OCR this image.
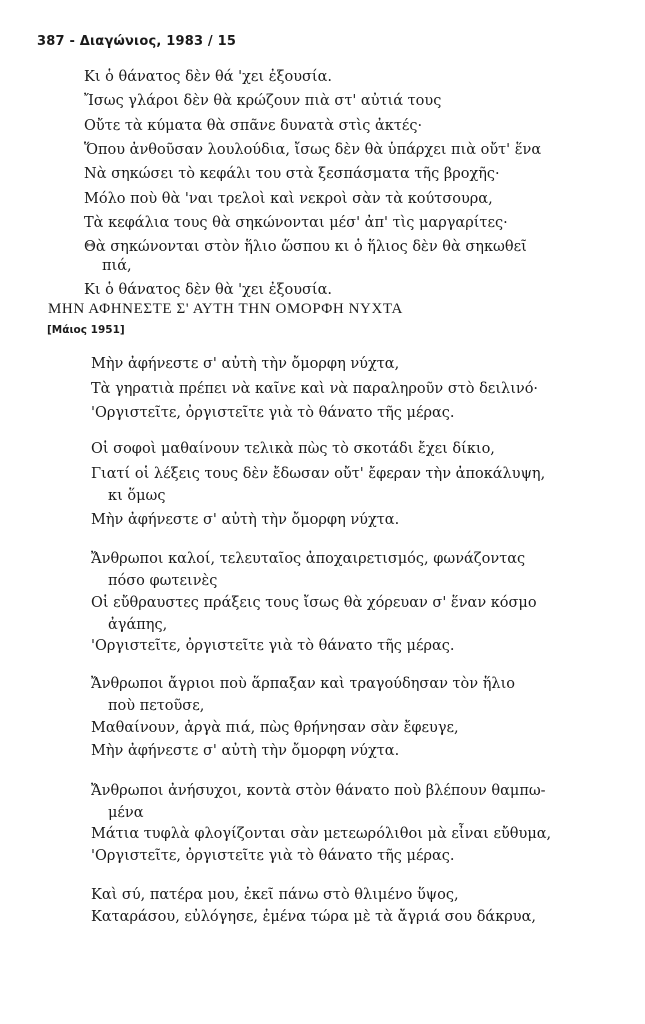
387 - Διαγώνιος, 1983 / 15
Κι ὁ θάνατος δὲν θά 'χει ἐξουσία.
Ἴσως γλάροι δὲν θὰ κρώζουν πιὰ στ' αὐτιά τους
Οὔτε τὰ κύματα θὰ σπᾶνε δυνατὰ στὶς ἀκτές·
Ὅπου ἀνθοῦσαν λουλούδια, ἴσως δὲν θὰ ὑπάρχει πιὰ οὔτ' ἕνα
Νὰ σηκώσει τὸ κεφάλι του στὰ ξεσπάσματα τῆς βροχῆς·
Μόλο ποὺ θὰ 'ναι τρελοὶ καὶ νεκροὶ σὰν τὰ κούτσουρα,
Τὰ κεφάλια τους θὰ σηκώνονται μέσ' ἀπ' τὶς μαργαρίτες·
Θὰ σηκώνονται στὸν ἥλιο ὥσπου κι ὁ ἥλιος δὲν θὰ σηκωθεῖ
πιά,
Κι ὁ θάνατος δὲν θὰ 'χει ἐξουσία.
ΜΗΝ ΑΦΗΝΕΣΤΕ Σ' ΑΥΤΗ ΤΗΝ ΟΜΟΡΦΗ ΝΥΧΤΑ
[Μάιος 1951]
Μὴν ἀφήνεστε σ' αὐτὴ τὴν ὄμορφη νύχτα,
Τὰ γηρατιὰ πρέπει νὰ καῖνε καὶ νὰ παραληροῦν στὸ δειλινό·
'Οργιστεῖτε, ὀργιστεῖτε γιὰ τὸ θάνατο τῆς μέρας.
Οἱ σοφοὶ μαθαίνουν τελικὰ πὼς τὸ σκοτάδι ἔχει δίκιο,
Γιατί οἱ λέξεις τους δὲν ἔδωσαν οὔτ' ἔφεραν τὴν ἀποκάλυψη,
κι ὅμως
Μὴν ἀφήνεστε σ' αὐτὴ τὴν ὄμορφη νύχτα.
Ἄνθρωποι καλοί, τελευταῖος ἀποχαιρετισμός, φωνάζοντας
πόσο φωτεινὲς
Οἱ εὔθραυστες πράξεις τους ἴσως θὰ χόρευαν σ' ἕναν κόσμο
ἀγάπης,
'Οργιστεῖτε, ὀργιστεῖτε γιὰ τὸ θάνατο τῆς μέρας.
Ἄνθρωποι ἄγριοι ποὺ ἅρπαξαν καὶ τραγούδησαν τὸν ἥλιο
ποὺ πετοῦσε,
Μαθαίνουν, ἀργὰ πιά, πὼς θρήνησαν σὰν ἔφευγε,
Μὴν ἀφήνεστε σ' αὐτὴ τὴν ὄμορφη νύχτα.
Ἄνθρωποι ἀνήσυχοι, κοντὰ στὸν θάνατο ποὺ βλέπουν θαμπω-
μένα
Μάτια τυφλὰ φλογίζονται σὰν μετεωρόλιθοι μὰ εἶναι εὔθυμα,
'Οργιστεῖτε, ὀργιστεῖτε γιὰ τὸ θάνατο τῆς μέρας.
Καὶ σύ, πατέρα μου, ἐκεῖ πάνω στὸ θλιμένο ὕψος,
Καταράσου, εὐλόγησε, ἐμένα τώρα μὲ τὰ ἄγριά σου δάκρυα,
